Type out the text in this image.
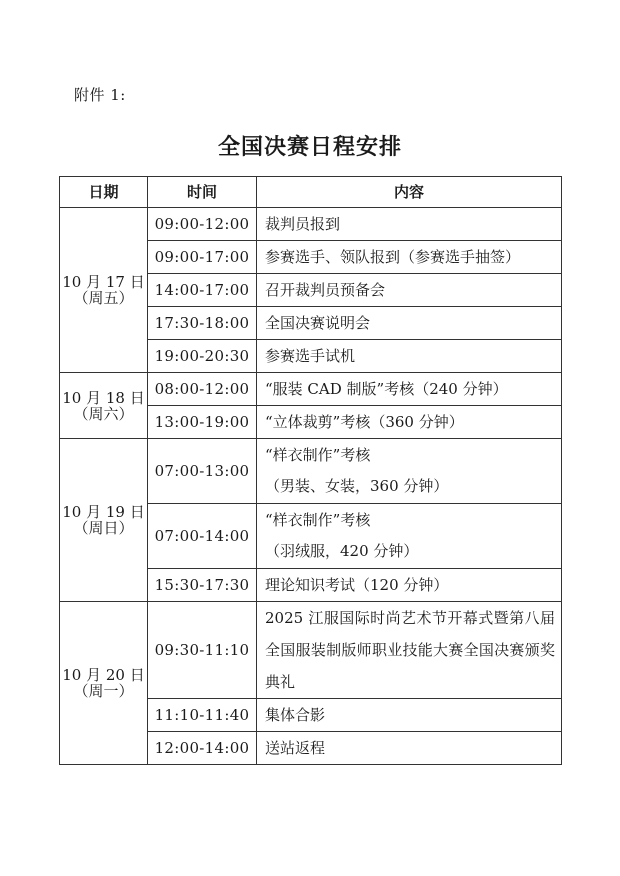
附件 1:
全国决赛日程安排
日期	时间	内容
10 月 17 日
（周五）	09:00-12:00	裁判员报到

	09:00-17:00	参赛选手、领队报到（参赛选手抽签）

	14:00-17:00	召开裁判员预备会

	17:30-18:00	全国决赛说明会

	19:00-20:30	参赛选手试机

10 月 18 日
（周六）	08:00-12:00	“服装 CAD 制版”考核（240 分钟）

	13:00-19:00	“立体裁剪”考核（360 分钟）

10 月 19 日
（周日）	07:00-13:00	“样衣制作”考核
（男装、女装，360 分钟）

	07:00-14:00	“样衣制作”考核
（羽绒服，420 分钟）

	15:30-17:30	理论知识考试（120 分钟）

10 月 20 日
（周一）	09:30-11:10	2025 江服国际时尚艺术节开幕式暨第八届全国服装制版师职业技能大赛全国决赛颁奖典礼
	11:10-11:40	集体合影

	12:00-14:00	送站返程
